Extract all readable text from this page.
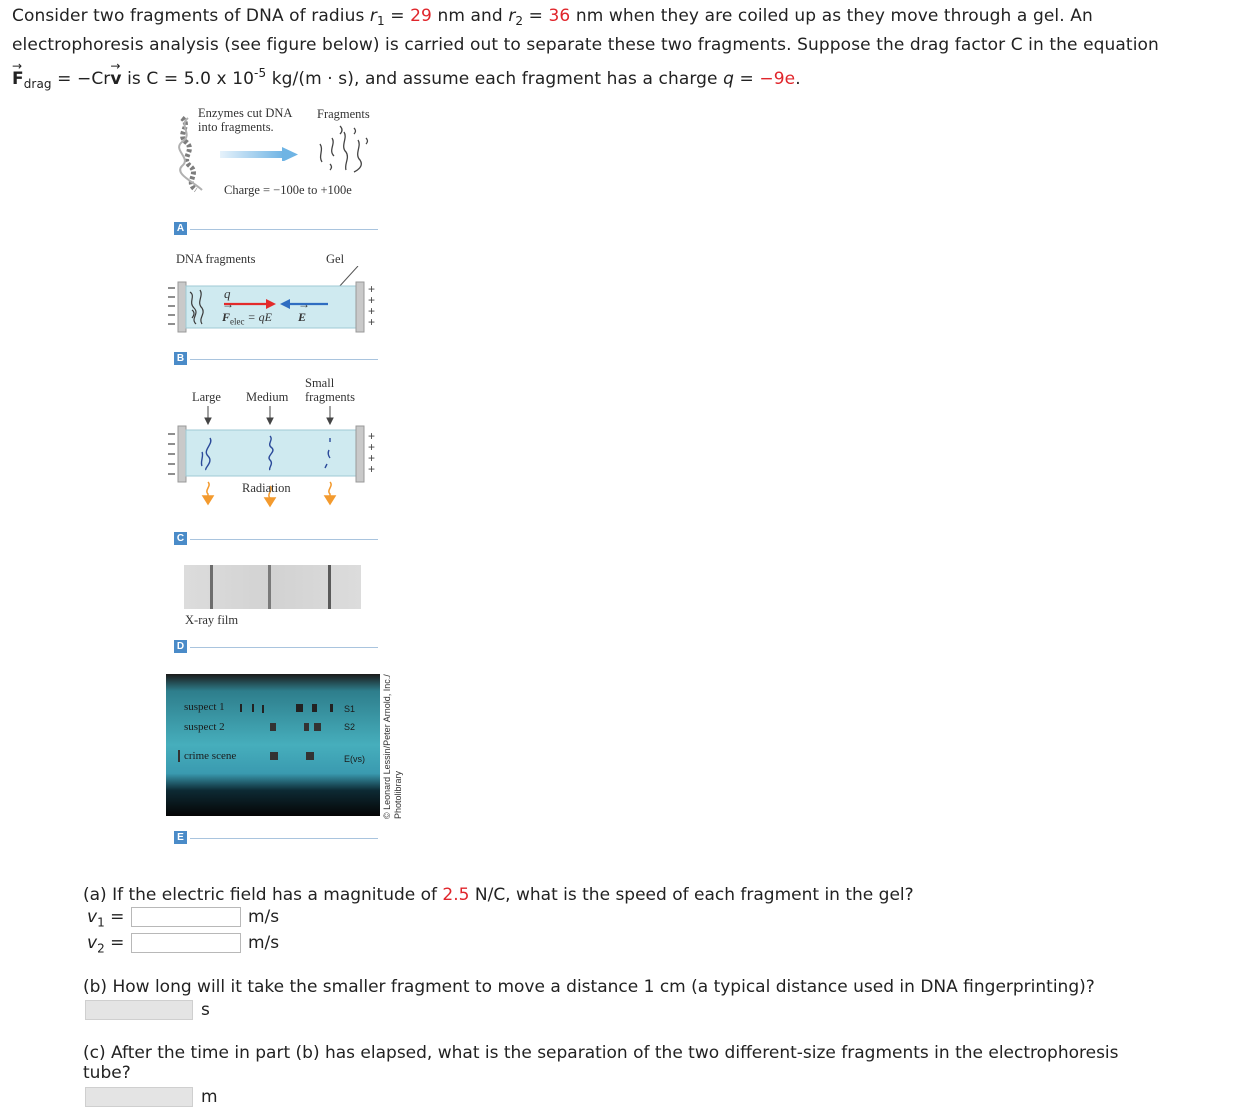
Consider two fragments of DNA of radius $r_1 = 29$ nm and $r_2 = 36$ nm when they are coiled up as they move through a gel. An
electrophoresis analysis (see figure below) is carried out to separate these two fragments. Suppose the drag factor C in the equation
→ $F_{drag} = -Cr\to v$ is C = 5.0 x $10^{-5}$ kg/(m · s), and assume each fragment has a charge q = −9e.
Enzymes cut DNA
into fragments.
Fragments
Charge = −100e to +100e
A
DNA fragments	Gel
+
+
+
+
q
→ $F_{elec}$ = qE
→ E
B
Small
Large Medium fragments
+
+
+
+
Radiation
C
X-ray film
D
suspect 1
suspect 2
crime scene
S1
S2
E(vs) © Leonard Lessin/Peter Arnold, Inc./ Photolibrary
E
(a) If the electric field has a magnitude of 2.5 N/C, what is the speed of each fragment in the gel?
$v_1$ =	m/s
$v_2$ =	m/s
(b) How long will it take the smaller fragment to move a distance 1 cm (a typical distance used in DNA fingerprinting)?
s
(c) After the time in part (b) has elapsed, what is the separation of the two different-size fragments in the electrophoresis
tube?
m
